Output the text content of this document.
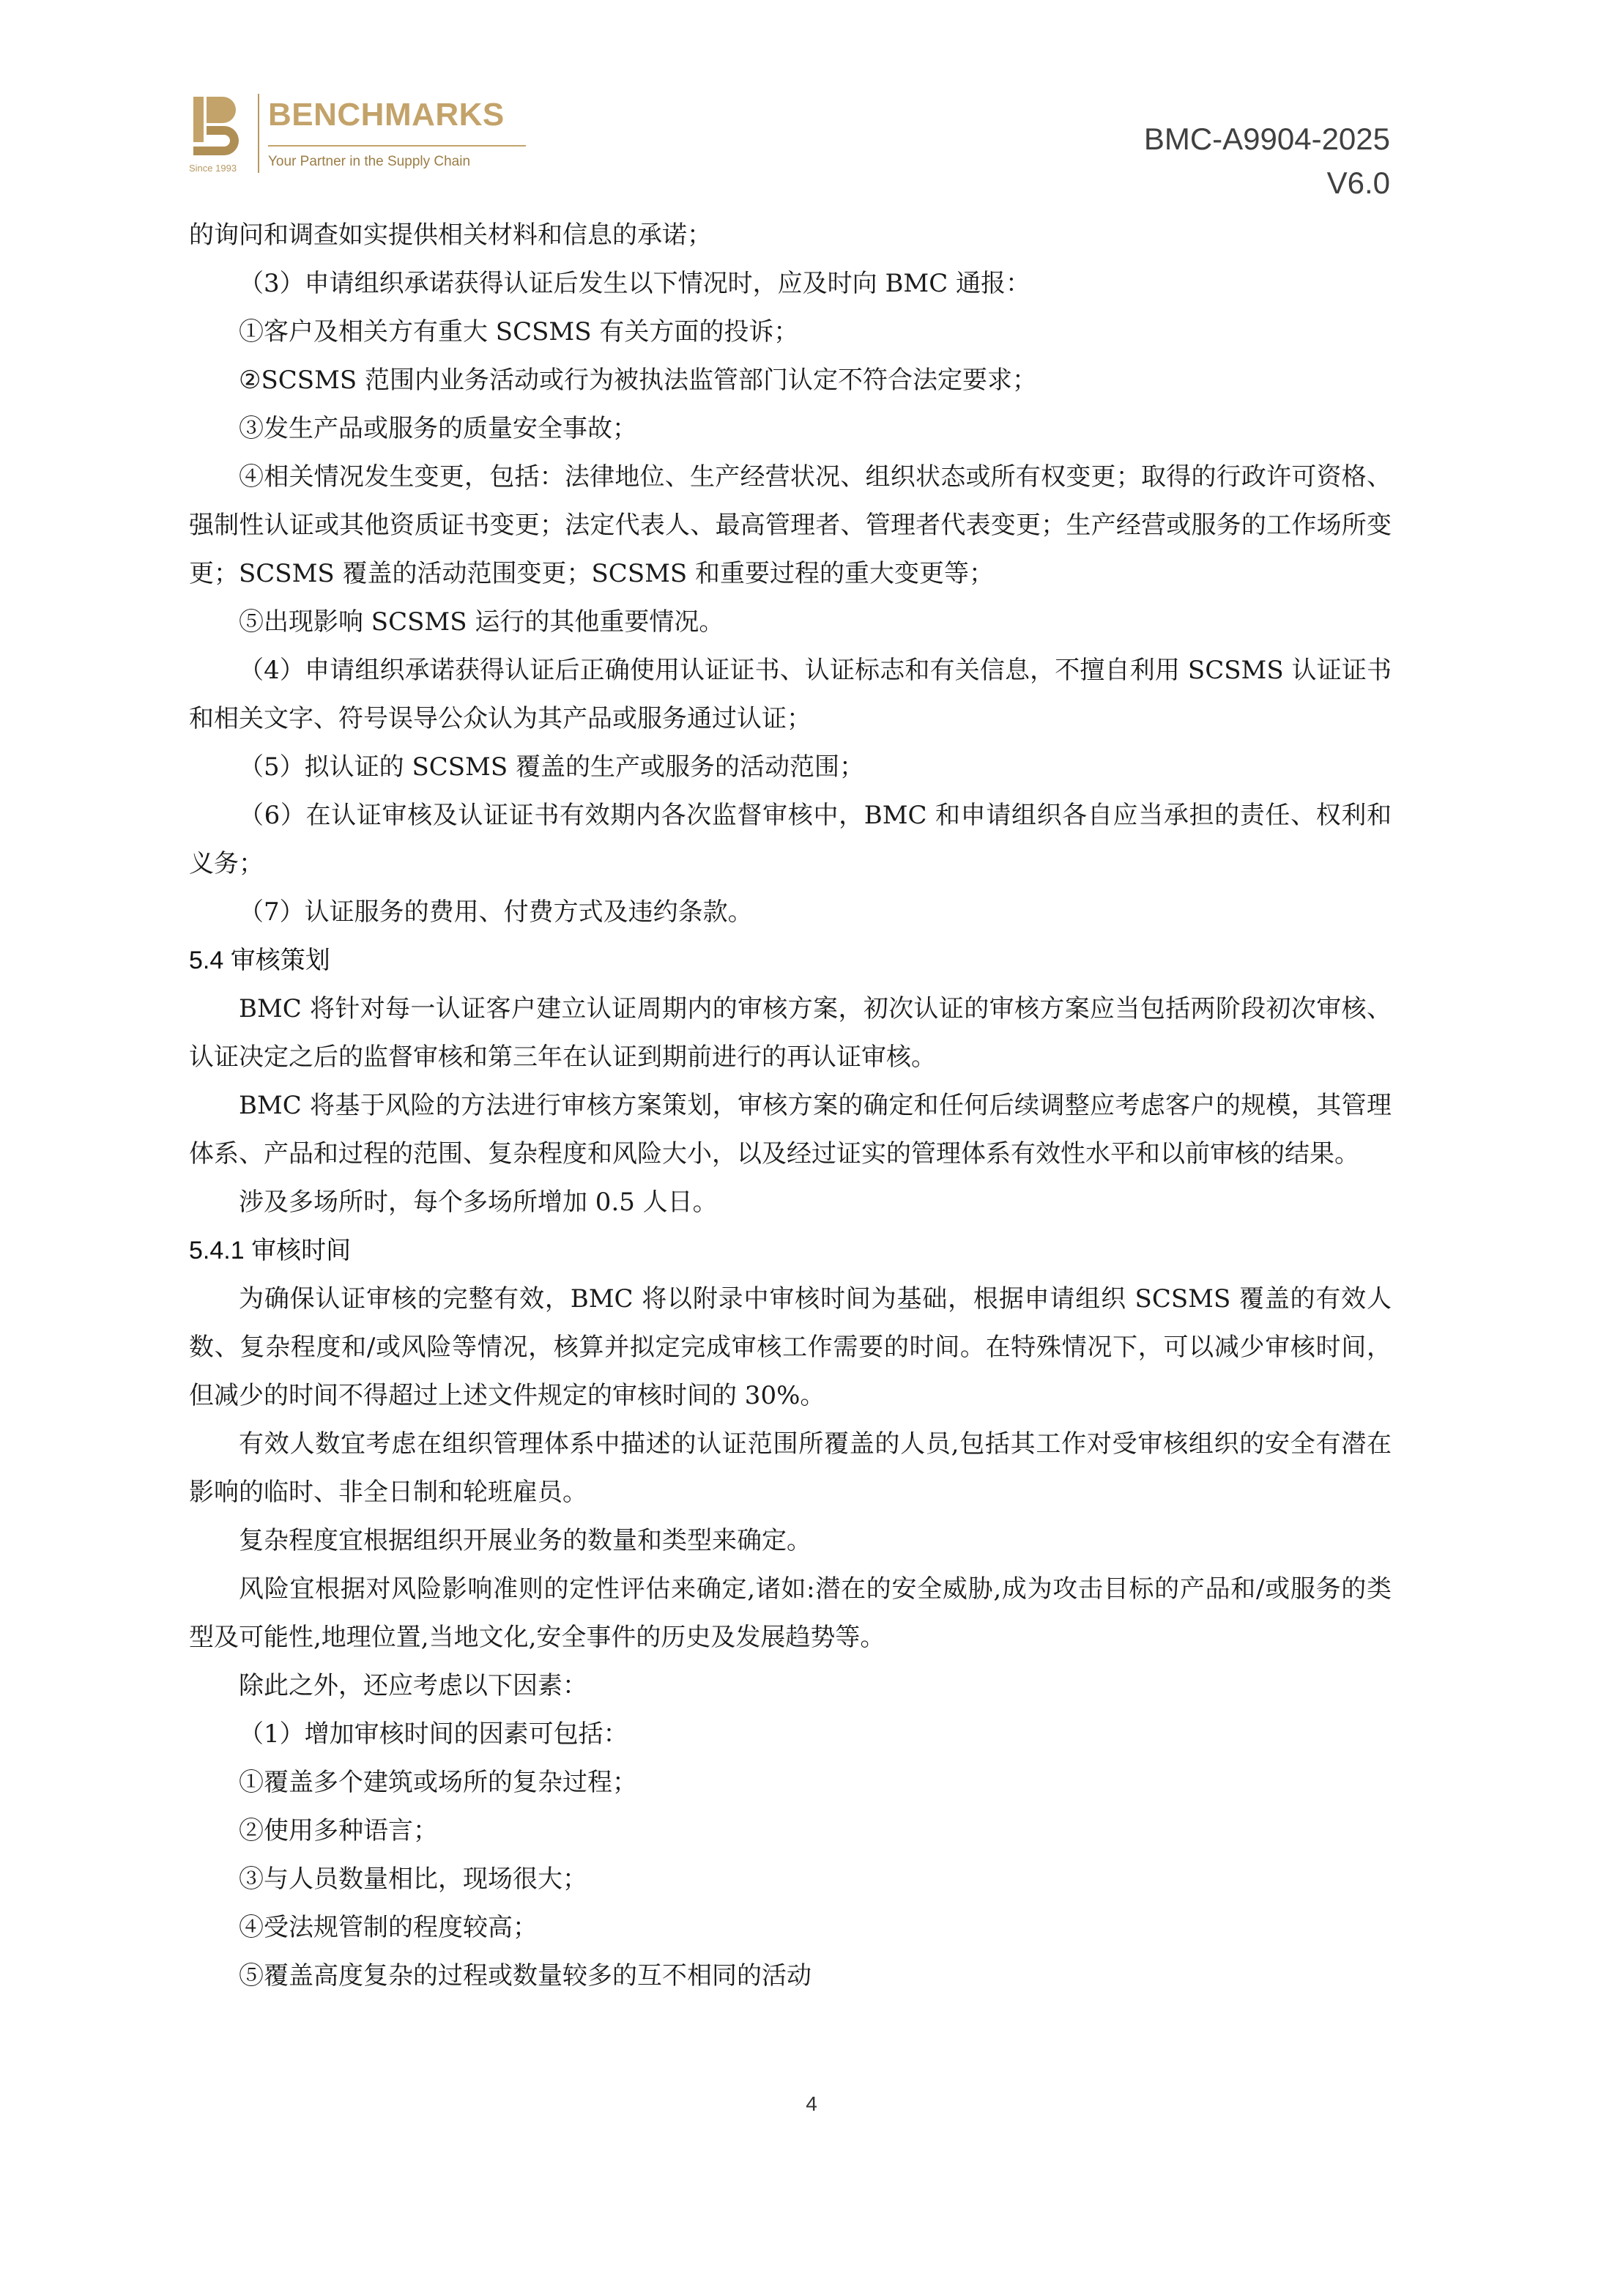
Since 1993
BENCHMARKS
Your Partner in the Supply Chain
BMC-A9904-2025
V6.0

的询问和调查如实提供相关材料和信息的承诺；

（3）申请组织承诺获得认证后发生以下情况时，应及时向 BMC 通报：

①客户及相关方有重大 SCSMS 有关方面的投诉；

②SCSMS 范围内业务活动或行为被执法监管部门认定不符合法定要求；

③发生产品或服务的质量安全事故；

④相关情况发生变更，包括：法律地位、生产经营状况、组织状态或所有权变更；取得的行政许可资格、强制性认证或其他资质证书变更；法定代表人、最高管理者、管理者代表变更；生产经营或服务的工作场所变更；SCSMS 覆盖的活动范围变更；SCSMS 和重要过程的重大变更等；

⑤出现影响 SCSMS 运行的其他重要情况。

（4）申请组织承诺获得认证后正确使用认证证书、认证标志和有关信息，不擅自利用 SCSMS 认证证书和相关文字、符号误导公众认为其产品或服务通过认证；

（5）拟认证的 SCSMS 覆盖的生产或服务的活动范围；

（6）在认证审核及认证证书有效期内各次监督审核中，BMC 和申请组织各自应当承担的责任、权利和义务；

（7）认证服务的费用、付费方式及违约条款。

5.4 审核策划

BMC 将针对每一认证客户建立认证周期内的审核方案，初次认证的审核方案应当包括两阶段初次审核、认证决定之后的监督审核和第三年在认证到期前进行的再认证审核。

BMC 将基于风险的方法进行审核方案策划，审核方案的确定和任何后续调整应考虑客户的规模，其管理体系、产品和过程的范围、复杂程度和风险大小，以及经过证实的管理体系有效性水平和以前审核的结果。

涉及多场所时，每个多场所增加 0.5 人日。

5.4.1 审核时间

为确保认证审核的完整有效，BMC 将以附录中审核时间为基础，根据申请组织 SCSMS 覆盖的有效人数、复杂程度和/或风险等情况，核算并拟定完成审核工作需要的时间。在特殊情况下，可以减少审核时间，但减少的时间不得超过上述文件规定的审核时间的 30%。

有效人数宜考虑在组织管理体系中描述的认证范围所覆盖的人员,包括其工作对受审核组织的安全有潜在影响的临时、非全日制和轮班雇员。

复杂程度宜根据组织开展业务的数量和类型来确定。

风险宜根据对风险影响准则的定性评估来确定,诸如:潜在的安全威胁,成为攻击目标的产品和/或服务的类型及可能性,地理位置,当地文化,安全事件的历史及发展趋势等。

除此之外，还应考虑以下因素：

（1）增加审核时间的因素可包括：

①覆盖多个建筑或场所的复杂过程；

②使用多种语言；

③与人员数量相比，现场很大；

④受法规管制的程度较高；

⑤覆盖高度复杂的过程或数量较多的互不相同的活动

4
